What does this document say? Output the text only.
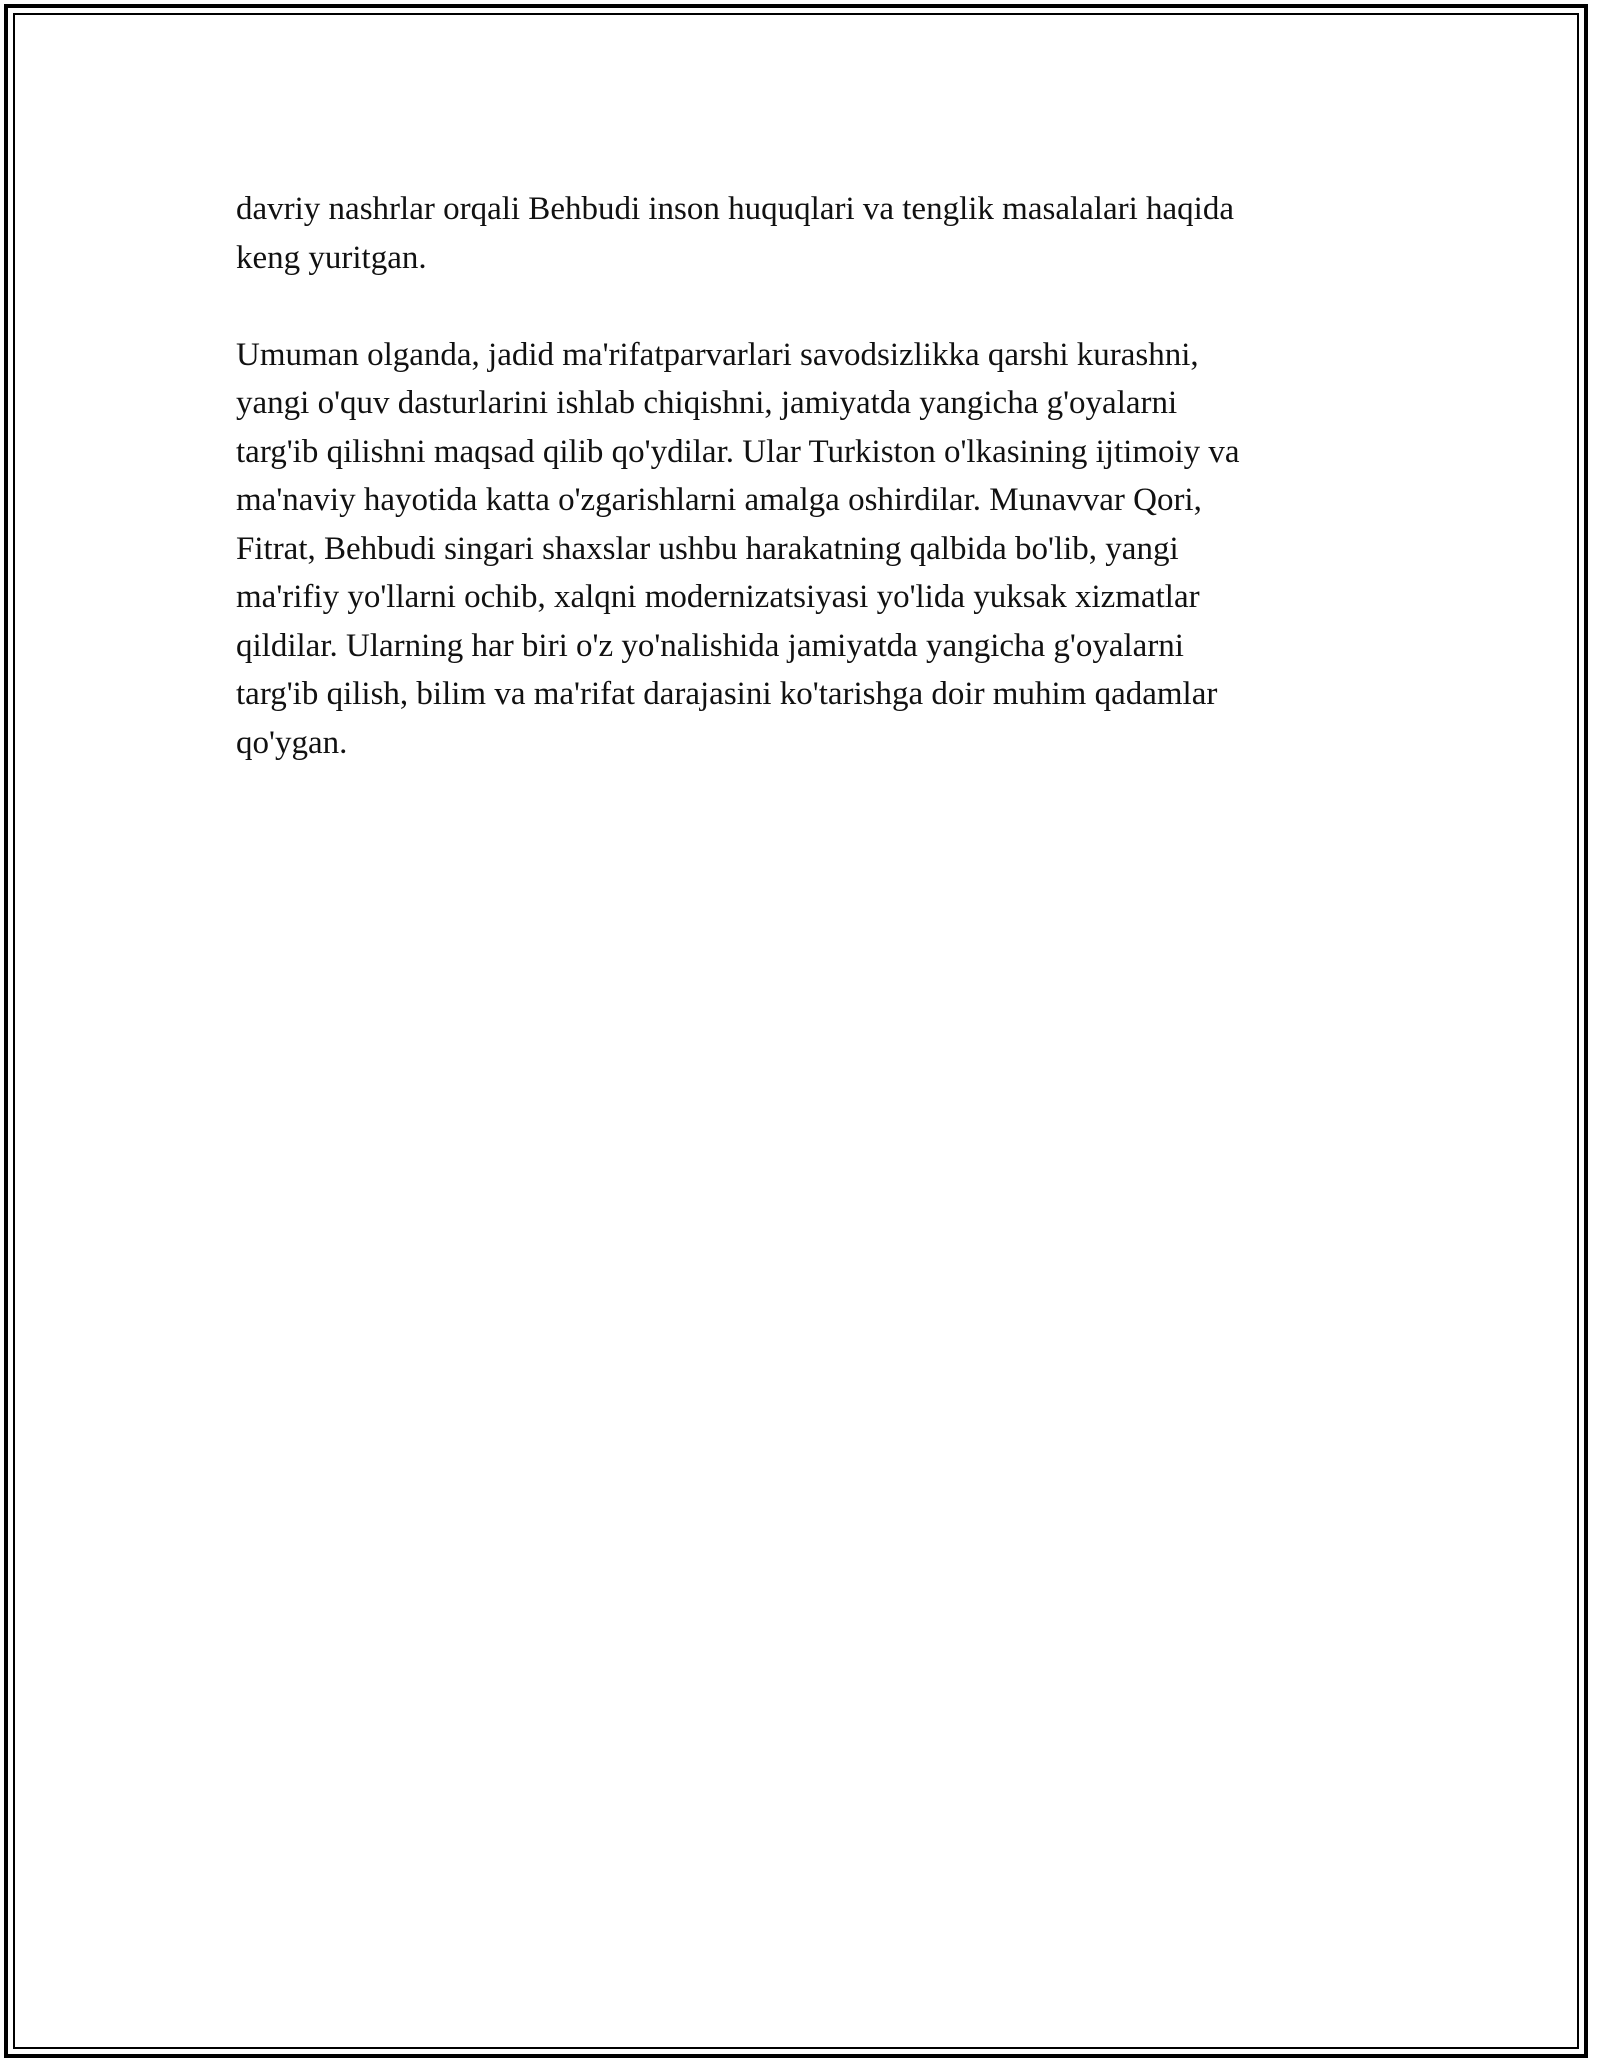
davriy nashrlar orqali Behbudi inson huquqlari va tenglik masalalari haqida
keng yuritgan.

Umuman olganda, jadid ma'rifatparvarlari savodsizlikka qarshi kurashni,
yangi o'quv dasturlarini ishlab chiqishni, jamiyatda yangicha g'oyalarni
targ'ib qilishni maqsad qilib qo'ydilar. Ular Turkiston o'lkasining ijtimoiy va
ma'naviy hayotida katta o'zgarishlarni amalga oshirdilar. Munavvar Qori,
Fitrat, Behbudi singari shaxslar ushbu harakatning qalbida bo'lib, yangi
ma'rifiy yo'llarni ochib, xalqni modernizatsiyasi yo'lida yuksak xizmatlar
qildilar. Ularning har biri o'z yo'nalishida jamiyatda yangicha g'oyalarni
targ'ib qilish, bilim va ma'rifat darajasini ko'tarishga doir muhim qadamlar
qo'ygan.
